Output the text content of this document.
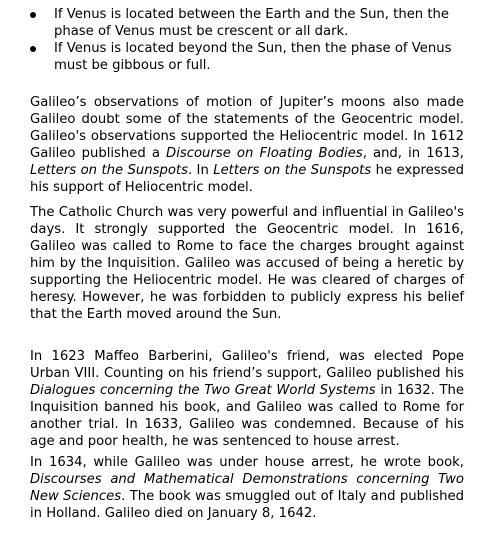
If Venus is located between the Earth and the Sun, then the phase of Venus must be crescent or all dark.
If Venus is located beyond the Sun, then the phase of Venus must be gibbous or full.

Galileo’s observations of motion of Jupiter’s moons also made Galileo doubt some of the statements of the Geocentric model. Galileo's observations supported the Heliocentric model. In 1612 Galileo published a Discourse on Floating Bodies, and, in 1613, Letters on the Sunspots. In Letters on the Sunspots he expressed his support of Heliocentric model.

The Catholic Church was very powerful and influential in Galileo's days. It strongly supported the Geocentric model. In 1616, Galileo was called to Rome to face the charges brought against him by the Inquisition. Galileo was accused of being a heretic by supporting the Heliocentric model. He was cleared of charges of heresy. However, he was forbidden to publicly express his belief that the Earth moved around the Sun.

In 1623 Maffeo Barberini, Galileo's friend, was elected Pope Urban VIII. Counting on his friend’s support, Galileo published his Dialogues concerning the Two Great World Systems in 1632. The Inquisition banned his book, and Galileo was called to Rome for another trial. In 1633, Galileo was condemned. Because of his age and poor health, he was sentenced to house arrest.

In 1634, while Galileo was under house arrest, he wrote book, Discourses and Mathematical Demonstrations concerning Two New Sciences. The book was smuggled out of Italy and published in Holland. Galileo died on January 8, 1642.
